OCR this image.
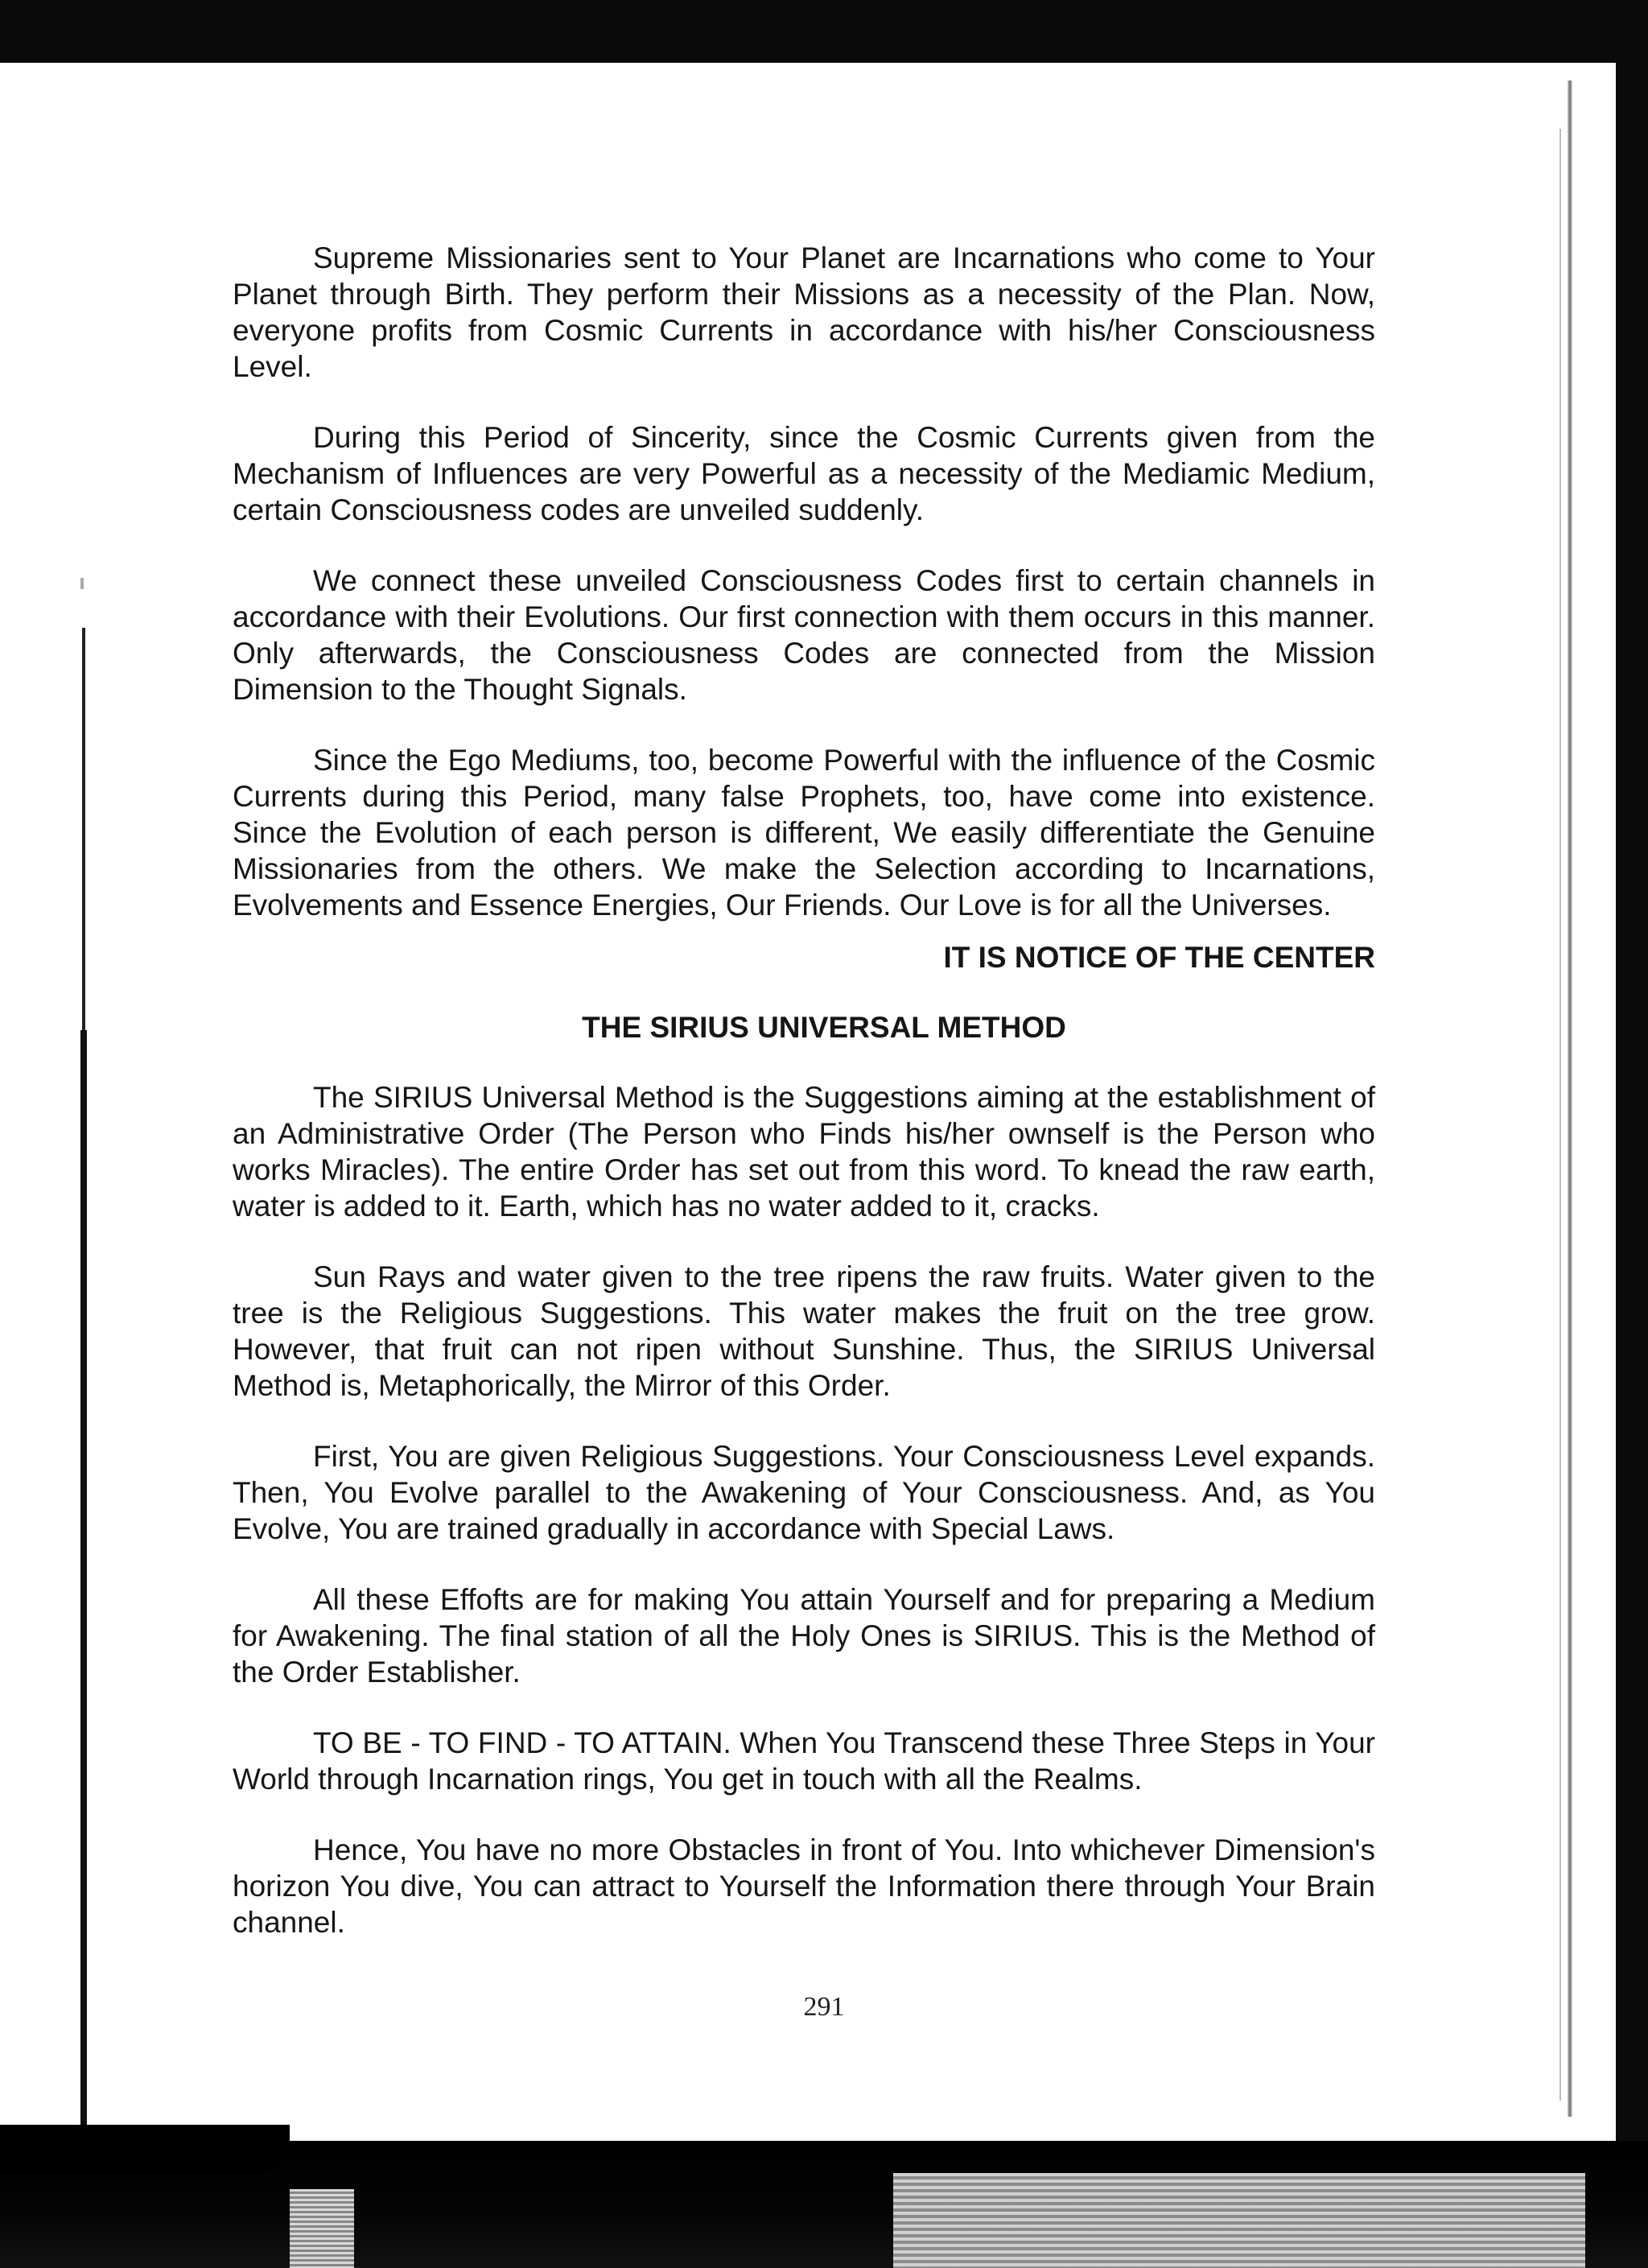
Supreme Missionaries sent to Your Planet are Incarnations who come to Your Planet through Birth. They perform their Missions as a necessity of the Plan. Now, everyone profits from Cosmic Currents in accordance with his/her Consciousness Level.

During this Period of Sincerity, since the Cosmic Currents given from the Mechanism of Influences are very Powerful as a necessity of the Mediamic Medium, certain Consciousness codes are unveiled suddenly.

We connect these unveiled Consciousness Codes first to certain channels in accordance with their Evolutions. Our first connection with them occurs in this manner. Only afterwards, the Consciousness Codes are connected from the Mission Dimension to the Thought Signals.

Since the Ego Mediums, too, become Powerful with the influence of the Cosmic Currents during this Period, many false Prophets, too, have come into existence. Since the Evolution of each person is different, We easily differentiate the Genuine Missionaries from the others. We make the Selection according to Incarnations, Evolvements and Essence Energies, Our Friends. Our Love is for all the Universes.

IT IS NOTICE OF THE CENTER

THE SIRIUS UNIVERSAL METHOD

The SIRIUS Universal Method is the Suggestions aiming at the establishment of an Administrative Order (The Person who Finds his/her ownself is the Person who works Miracles). The entire Order has set out from this word. To knead the raw earth, water is added to it. Earth, which has no water added to it, cracks.

Sun Rays and water given to the tree ripens the raw fruits. Water given to the tree is the Religious Suggestions. This water makes the fruit on the tree grow. However, that fruit can not ripen without Sunshine. Thus, the SIRIUS Universal Method is, Metaphorically, the Mirror of this Order.

First, You are given Religious Suggestions. Your Consciousness Level expands. Then, You Evolve parallel to the Awakening of Your Consciousness. And, as You Evolve, You are trained gradually in accordance with Special Laws.

All these Effofts are for making You attain Yourself and for preparing a Medium for Awakening. The final station of all the Holy Ones is SIRIUS. This is the Method of the Order Establisher.

TO BE - TO FIND - TO ATTAIN. When You Transcend these Three Steps in Your World through Incarnation rings, You get in touch with all the Realms.

Hence, You have no more Obstacles in front of You. Into whichever Dimension's horizon You dive, You can attract to Yourself the Information there through Your Brain channel.

291
